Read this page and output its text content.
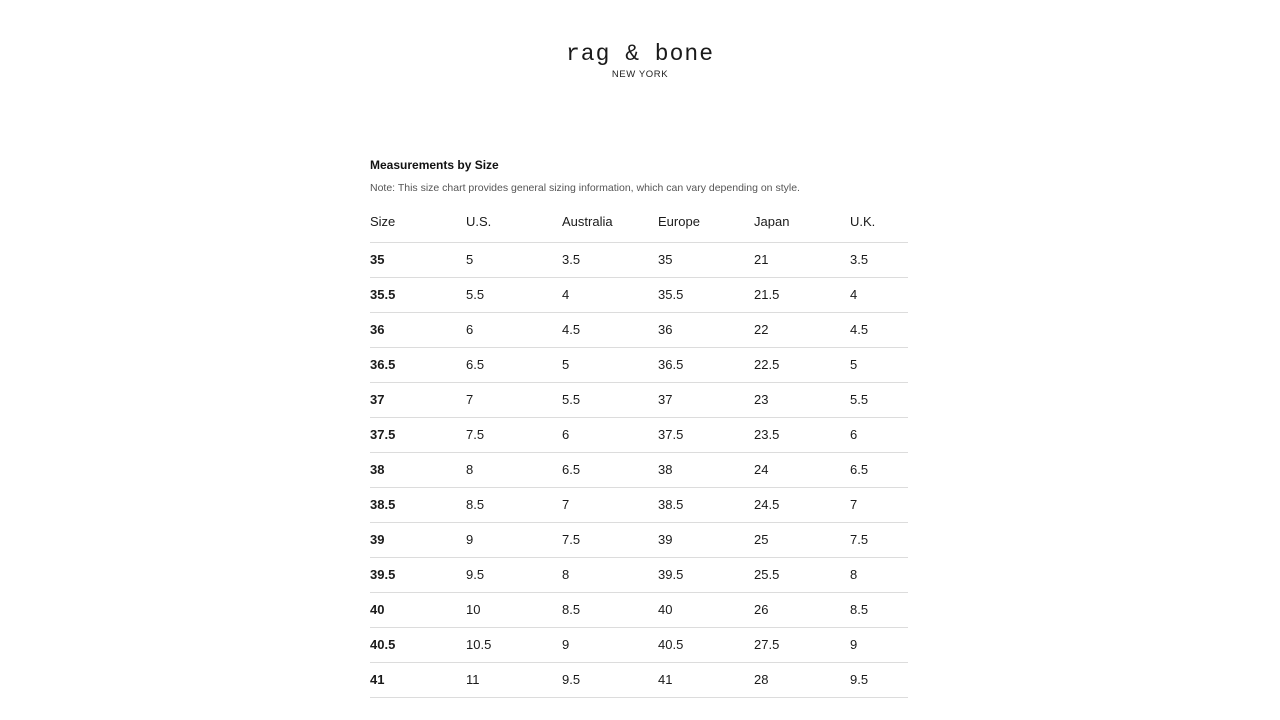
rag & bone
NEW YORK
Measurements by Size
Note: This size chart provides general sizing information, which can vary depending on style.
Size	U.S.	Australia	Europe	Japan	U.K.
35	5	3.5	35	21	3.5
35.5	5.5	4	35.5	21.5	4
36	6	4.5	36	22	4.5
36.5	6.5	5	36.5	22.5	5
37	7	5.5	37	23	5.5
37.5	7.5	6	37.5	23.5	6
38	8	6.5	38	24	6.5
38.5	8.5	7	38.5	24.5	7
39	9	7.5	39	25	7.5
39.5	9.5	8	39.5	25.5	8
40	10	8.5	40	26	8.5
40.5	10.5	9	40.5	27.5	9
41	11	9.5	41	28	9.5
